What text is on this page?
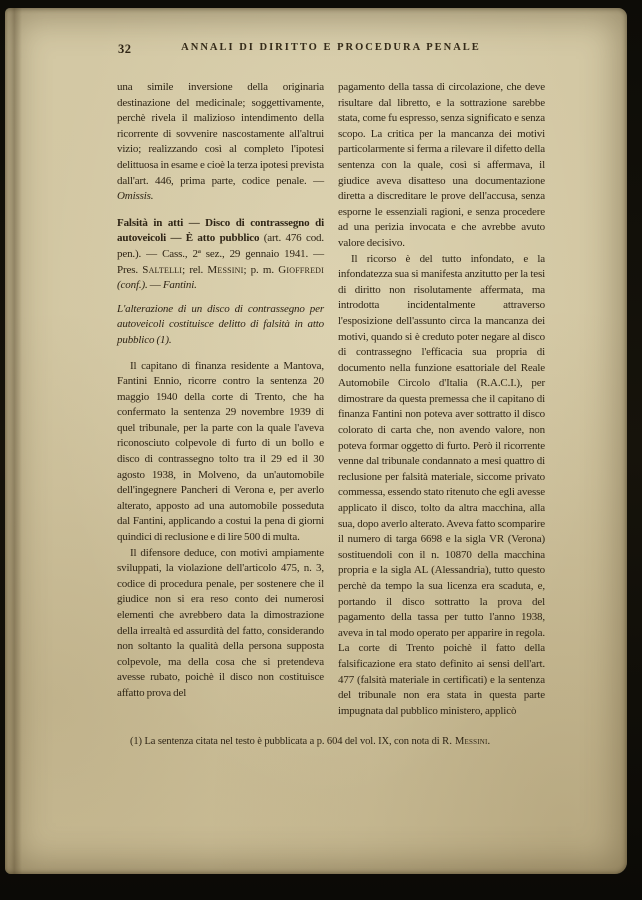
32	ANNALI DI DIRITTO E PROCEDURA PENALE

una simile inversione della originaria destinazione del medicinale; soggettivamente, perchè rivela il malizioso intendimento della ricorrente di sovvenire nascostamente all'altrui vizio; realizzando così al completo l'ipotesi delittuosa in esame e cioè la terza ipotesi prevista dall'art. 446, prima parte, codice penale. — Omissis.

Falsità in atti — Disco di contrassegno di autoveicoli — È atto pubblico (art. 476 cod. pen.). — Cass., 2ª sez., 29 gennaio 1941. — Pres. Saltelli; rel. Messini; p. m. Gioffredi (conf.). — Fantini.

L'alterazione di un disco di contrassegno per autoveicoli costituisce delitto di falsità in atto pubblico (1).

Il capitano di finanza residente a Mantova, Fantini Ennio, ricorre contro la sentenza 20 maggio 1940 della corte di Trento, che ha confermato la sentenza 29 novembre 1939 di quel tribunale, per la parte con la quale l'aveva riconosciuto colpevole di furto di un bollo e disco di contrassegno tolto tra il 29 ed il 30 agosto 1938, in Molveno, da un'automobile dell'ingegnere Pancheri di Verona e, per averlo alterato, apposto ad una automobile posseduta dal Fantini, applicando a costui la pena di giorni quindici di reclusione e di lire 500 di multa.

Il difensore deduce, con motivi ampiamente sviluppati, la violazione dell'articolo 475, n. 3, codice di procedura penale, per sostenere che il giudice non si era reso conto dei numerosi elementi che avrebbero data la dimostrazione della irrealtà ed assurdità del fatto, considerando non soltanto la qualità della persona supposta colpevole, ma della cosa che si pretendeva avesse rubato, poichè il disco non costituisce affatto prova del

pagamento della tassa di circolazione, che deve risultare dal libretto, e la sottrazione sarebbe stata, come fu espresso, senza significato e senza scopo. La critica per la mancanza dei motivi particolarmente si ferma a rilevare il difetto della sentenza con la quale, così si affermava, il giudice aveva disatteso una documentazione diretta a discreditare le prove dell'accusa, senza esporne le essenziali ragioni, e senza procedere ad una perizia invocata e che avrebbe avuto valore decisivo.

Il ricorso è del tutto infondato, e la infondatezza sua si manifesta anzitutto per la tesi di diritto non risolutamente affermata, ma introdotta incidentalmente attraverso l'esposizione dell'assunto circa la mancanza dei motivi, quando si è creduto poter negare al disco di contrassegno l'efficacia sua propria di documento nella funzione esattoriale del Reale Automobile Circolo d'Italia (R.A.C.I.), per dimostrare da questa premessa che il capitano di finanza Fantini non poteva aver sottratto il disco colorato di carta che, non avendo valore, non poteva formar oggetto di furto. Però il ricorrente venne dal tribunale condannato a mesi quattro di reclusione per falsità materiale, siccome privato commessa, essendo stato ritenuto che egli avesse applicato il disco, tolto da altra macchina, alla sua, dopo averlo alterato. Aveva fatto scomparire il numero di targa 6698 e la sigla VR (Verona) sostituendoli con il n. 10870 della macchina propria e la sigla AL (Alessandria), tutto questo perchè da tempo la sua licenza era scaduta, e, portando il disco sottratto la prova del pagamento della tassa per tutto l'anno 1938, aveva in tal modo operato per apparire in regola. La corte di Trento poichè il fatto della falsificazione era stato definito ai sensi dell'art. 477 (falsità materiale in certificati) e la sentenza del tribunale non era stata in questa parte impugnata dal pubblico ministero, applicò

(1) La sentenza citata nel testo è pubblicata a p. 604 del vol. IX, con nota di R. Messini.
